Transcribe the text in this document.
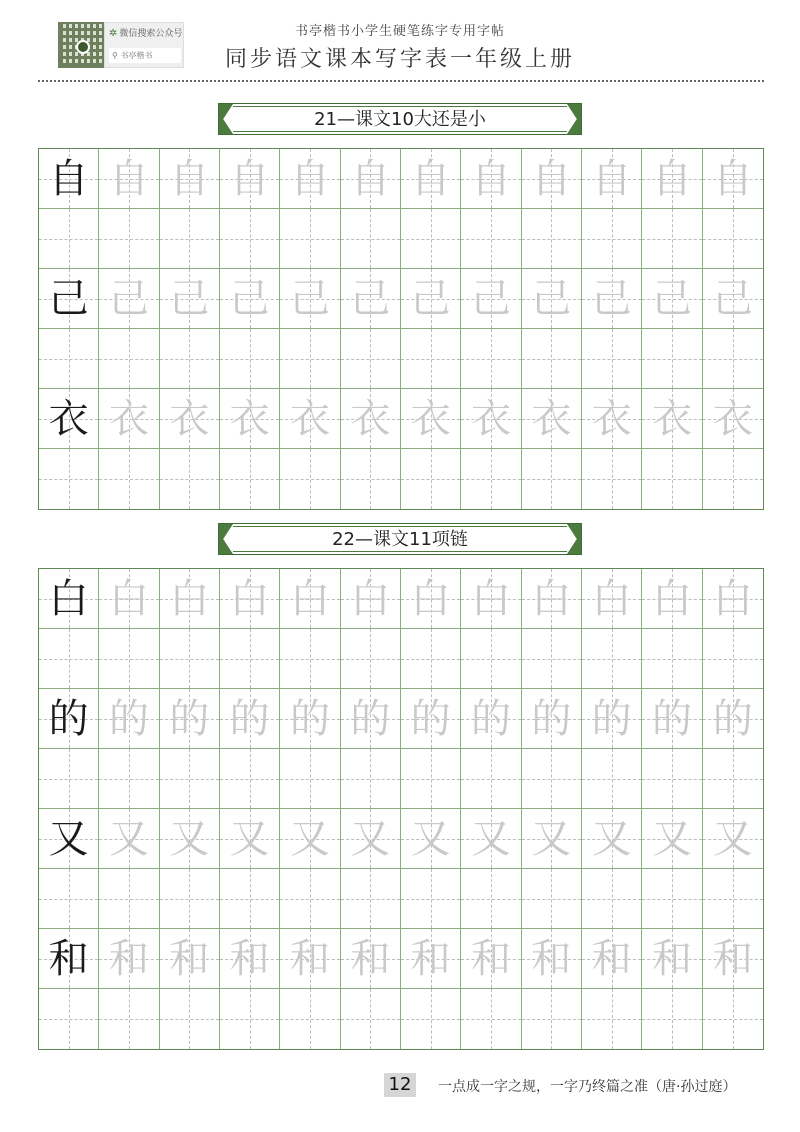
✲ 微信搜索公众号
⚲ 书亭楷书
书亭楷书小学生硬笔练字专用字帖
同步语文课本写字表一年级上册
21—课文10大还是小
自 自 自 自 自 自 自 自 自 自 自 自
己 己 己 己 己 己 己 己 己 己 己 己
衣 衣 衣 衣 衣 衣 衣 衣 衣 衣 衣 衣
22—课文11项链
白 白 白 白 白 白 白 白 白 白 白 白
的 的 的 的 的 的 的 的 的 的 的 的
又 又 又 又 又 又 又 又 又 又 又 又
和 和 和 和 和 和 和 和 和 和 和 和
12	一点成一字之规，一字乃终篇之准（唐·孙过庭）
